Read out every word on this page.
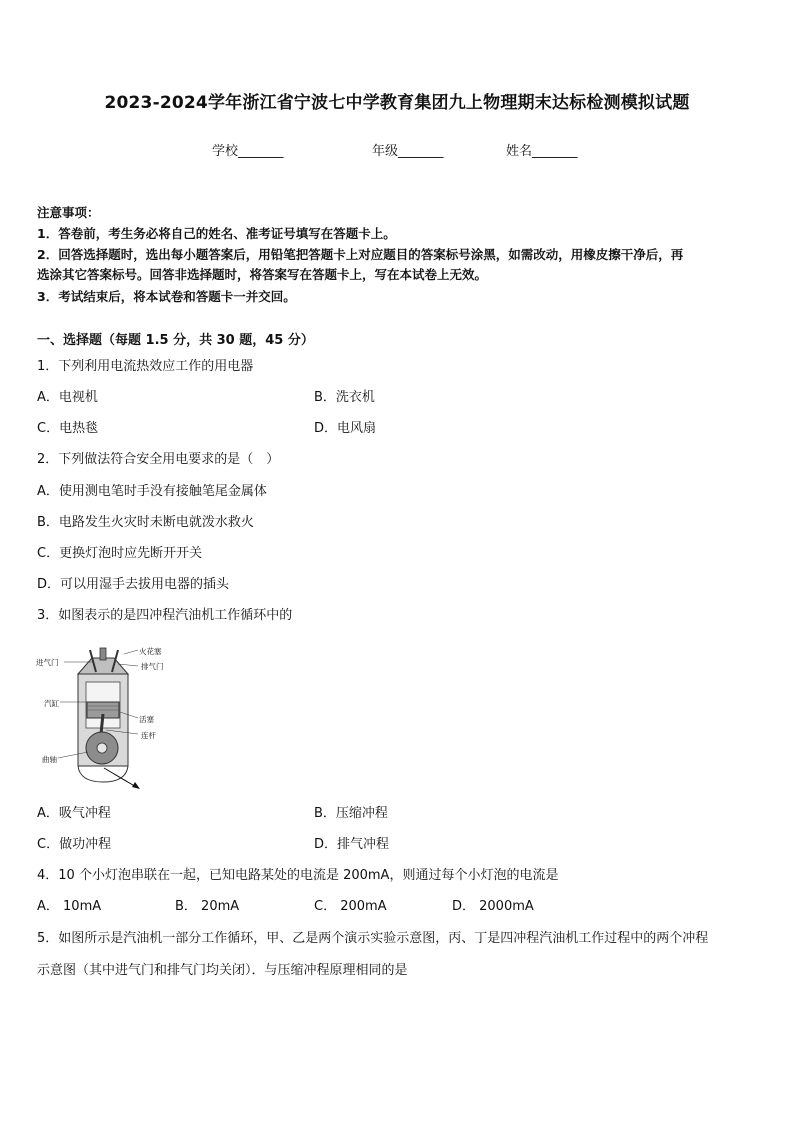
2023-2024学年浙江省宁波七中学教育集团九上物理期末达标检测模拟试题
学校_______	年级_______	姓名_______
注意事项：
1．答卷前，考生务必将自己的姓名、准考证号填写在答题卡上。
2．回答选择题时，选出每小题答案后，用铅笔把答题卡上对应题目的答案标号涂黑，如需改动，用橡皮擦干净后，再
选涂其它答案标号。回答非选择题时，将答案写在答题卡上，写在本试卷上无效。
3．考试结束后，将本试卷和答题卡一并交回。
一、选择题（每题 1.5 分，共 30 题，45 分）
1．下列利用电流热效应工作的用电器
A．电视机	B．洗衣机
C．电热毯	D．电风扇
2．下列做法符合安全用电要求的是（　）
A．使用测电笔时手没有接触笔尾金属体
B．电路发生火灾时未断电就泼水救火
C．更换灯泡时应先断开开关
D．可以用湿手去拔用电器的插头
3．如图表示的是四冲程汽油机工作循环中的
火花塞
进气门	排气门
汽缸
活塞
连杆
曲轴
A．吸气冲程	B．压缩冲程
C．做功冲程	D．排气冲程
4．10 个小灯泡串联在一起，已知电路某处的电流是 200mA，则通过每个小灯泡的电流是
A． 10mA	B． 20mA	C． 200mA	D． 2000mA
5．如图所示是汽油机一部分工作循环，甲、乙是两个演示实验示意图，丙、丁是四冲程汽油机工作过程中的两个冲程
示意图（其中进气门和排气门均关闭）．与压缩冲程原理相同的是
